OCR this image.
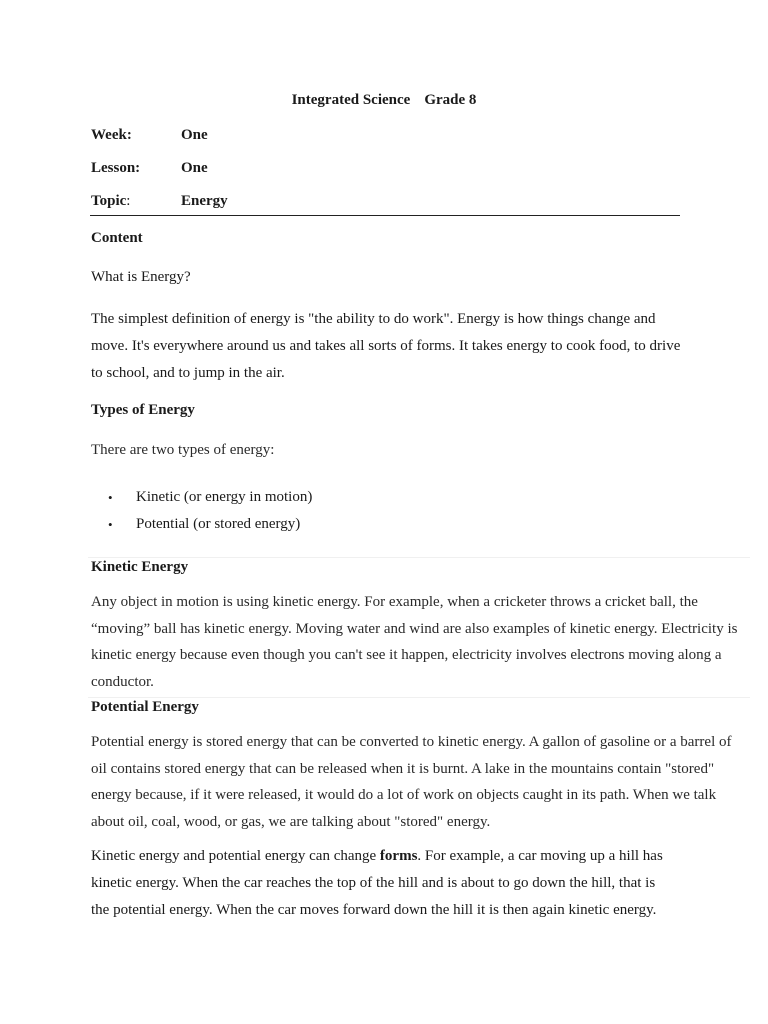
Integrated Science Grade 8

Week:	One

Lesson:	One

Topic:	Energy

Content

What is Energy?

The simplest definition of energy is "the ability to do work". Energy is how things change and
move. It's everywhere around us and takes all sorts of forms. It takes energy to cook food, to drive
to school, and to jump in the air.

Types of Energy

There are two types of energy:

• Kinetic (or energy in motion)
• Potential (or stored energy)

Kinetic Energy

Any object in motion is using kinetic energy. For example, when a cricketer throws a cricket ball, the
“moving” ball has kinetic energy. Moving water and wind are also examples of kinetic energy. Electricity is
kinetic energy because even though you can't see it happen, electricity involves electrons moving along a
conductor.

Potential Energy

Potential energy is stored energy that can be converted to kinetic energy. A gallon of gasoline or a barrel of
oil contains stored energy that can be released when it is burnt. A lake in the mountains contain "stored"
energy because, if it were released, it would do a lot of work on objects caught in its path. When we talk
about oil, coal, wood, or gas, we are talking about "stored" energy.
Kinetic energy and potential energy can change forms. For example, a car moving up a hill has
kinetic energy. When the car reaches the top of the hill and is about to go down the hill, that is
the potential energy. When the car moves forward down the hill it is then again kinetic energy.
